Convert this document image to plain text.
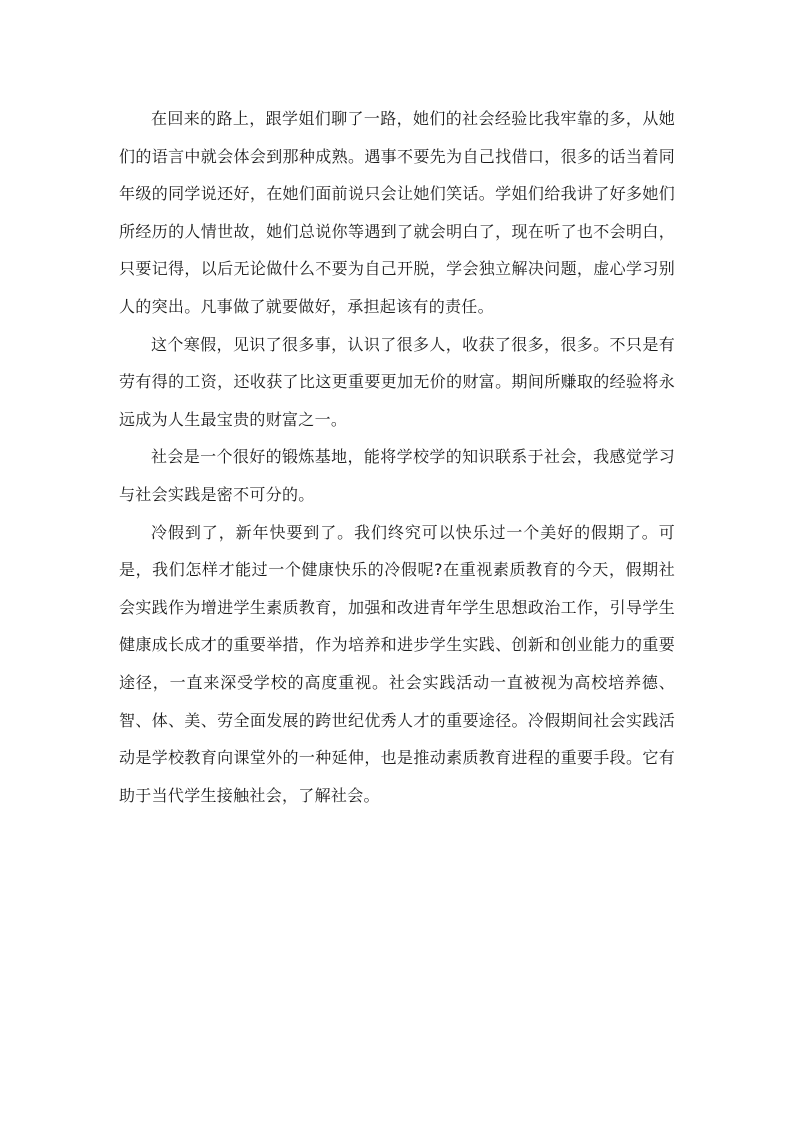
在回来的路上，跟学姐们聊了一路，她们的社会经验比我牢靠的多，从她们的语言中就会体会到那种成熟。遇事不要先为自己找借口，很多的话当着同年级的同学说还好，在她们面前说只会让她们笑话。学姐们给我讲了好多她们所经历的人情世故，她们总说你等遇到了就会明白了，现在听了也不会明白，只要记得，以后无论做什么不要为自己开脱，学会独立解决问题，虚心学习别人的突出。凡事做了就要做好，承担起该有的责任。

这个寒假，见识了很多事，认识了很多人，收获了很多，很多。不只是有劳有得的工资，还收获了比这更重要更加无价的财富。期间所赚取的经验将永远成为人生最宝贵的财富之一。

社会是一个很好的锻炼基地，能将学校学的知识联系于社会，我感觉学习与社会实践是密不可分的。

冷假到了，新年快要到了。我们终究可以快乐过一个美好的假期了。可是，我们怎样才能过一个健康快乐的冷假呢?在重视素质教育的今天，假期社会实践作为增进学生素质教育，加强和改进青年学生思想政治工作，引导学生健康成长成才的重要举措，作为培养和进步学生实践、创新和创业能力的重要途径，一直来深受学校的高度重视。社会实践活动一直被视为高校培养德、智、体、美、劳全面发展的跨世纪优秀人才的重要途径。冷假期间社会实践活动是学校教育向课堂外的一种延伸，也是推动素质教育进程的重要手段。它有助于当代学生接触社会，了解社会。
